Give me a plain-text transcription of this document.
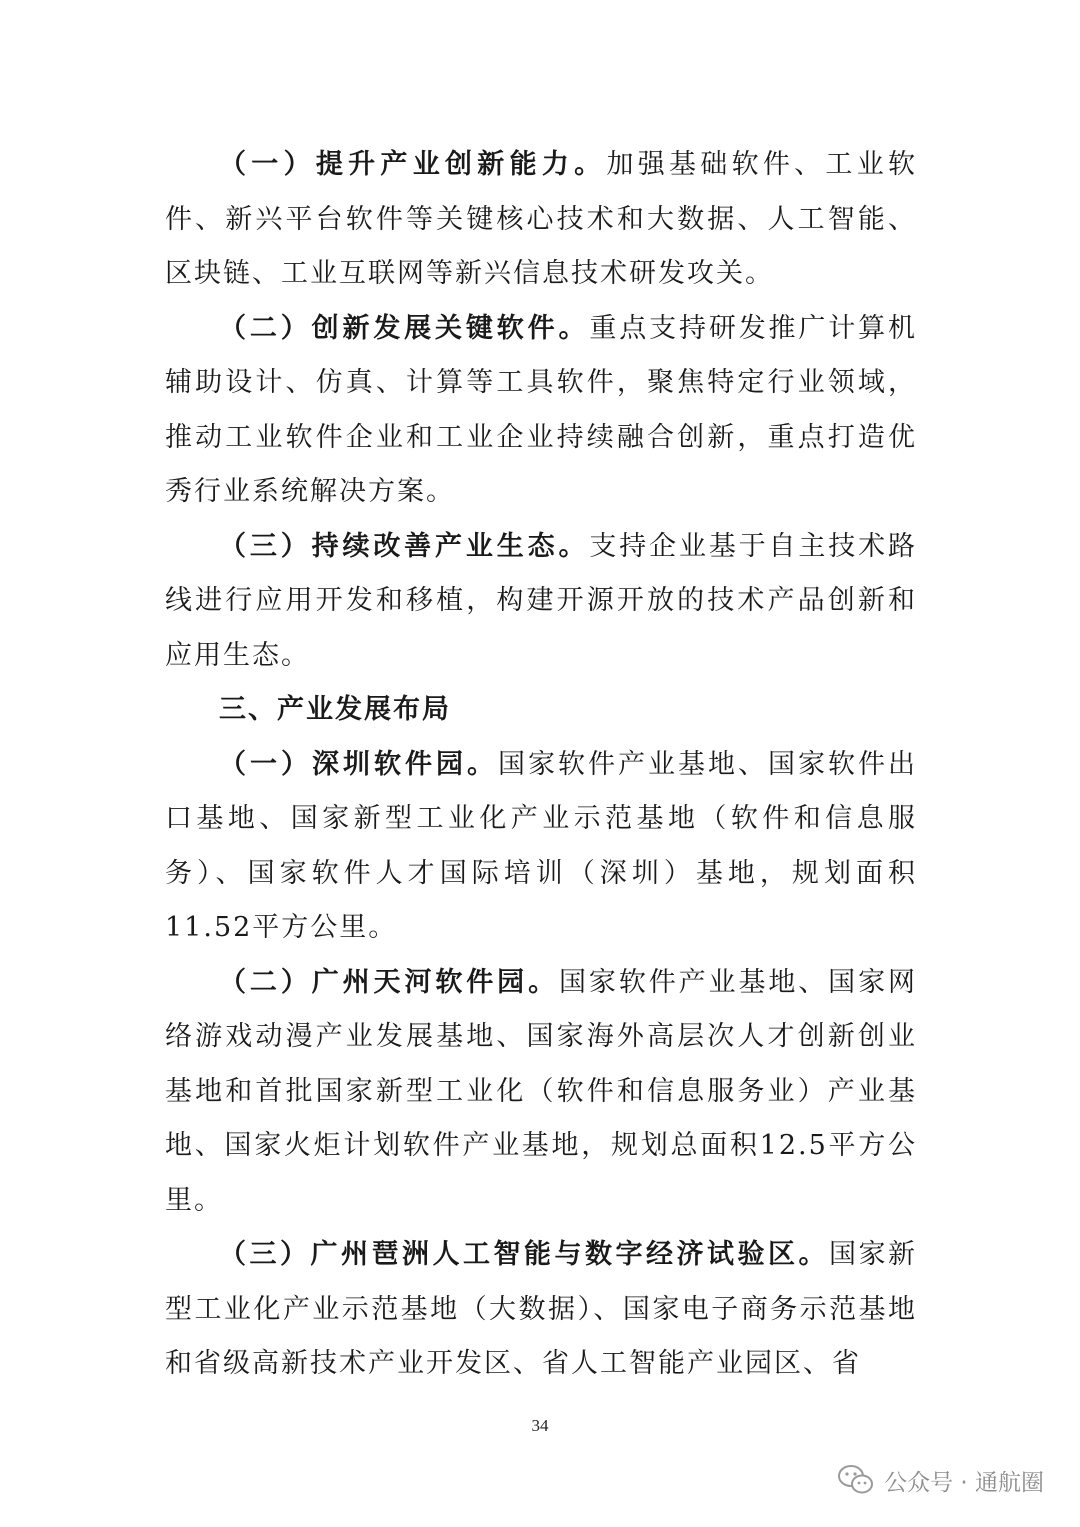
（一）提升产业创新能力。加强基础软件、工业软件、新兴平台软件等关键核心技术和大数据、人工智能、区块链、工业互联网等新兴信息技术研发攻关。

（二）创新发展关键软件。重点支持研发推广计算机辅助设计、仿真、计算等工具软件，聚焦特定行业领域，推动工业软件企业和工业企业持续融合创新，重点打造优秀行业系统解决方案。

（三）持续改善产业生态。支持企业基于自主技术路线进行应用开发和移植，构建开源开放的技术产品创新和应用生态。

三、产业发展布局

（一）深圳软件园。国家软件产业基地、国家软件出口基地、国家新型工业化产业示范基地（软件和信息服务）、国家软件人才国际培训（深圳）基地，规划面积11.52平方公里。

（二）广州天河软件园。国家软件产业基地、国家网络游戏动漫产业发展基地、国家海外高层次人才创新创业基地和首批国家新型工业化（软件和信息服务业）产业基地、国家火炬计划软件产业基地，规划总面积12.5平方公里。

（三）广州琶洲人工智能与数字经济试验区。国家新型工业化产业示范基地（大数据）、国家电子商务示范基地和省级高新技术产业开发区、省人工智能产业园区、省

34
公众号 · 通航圈
